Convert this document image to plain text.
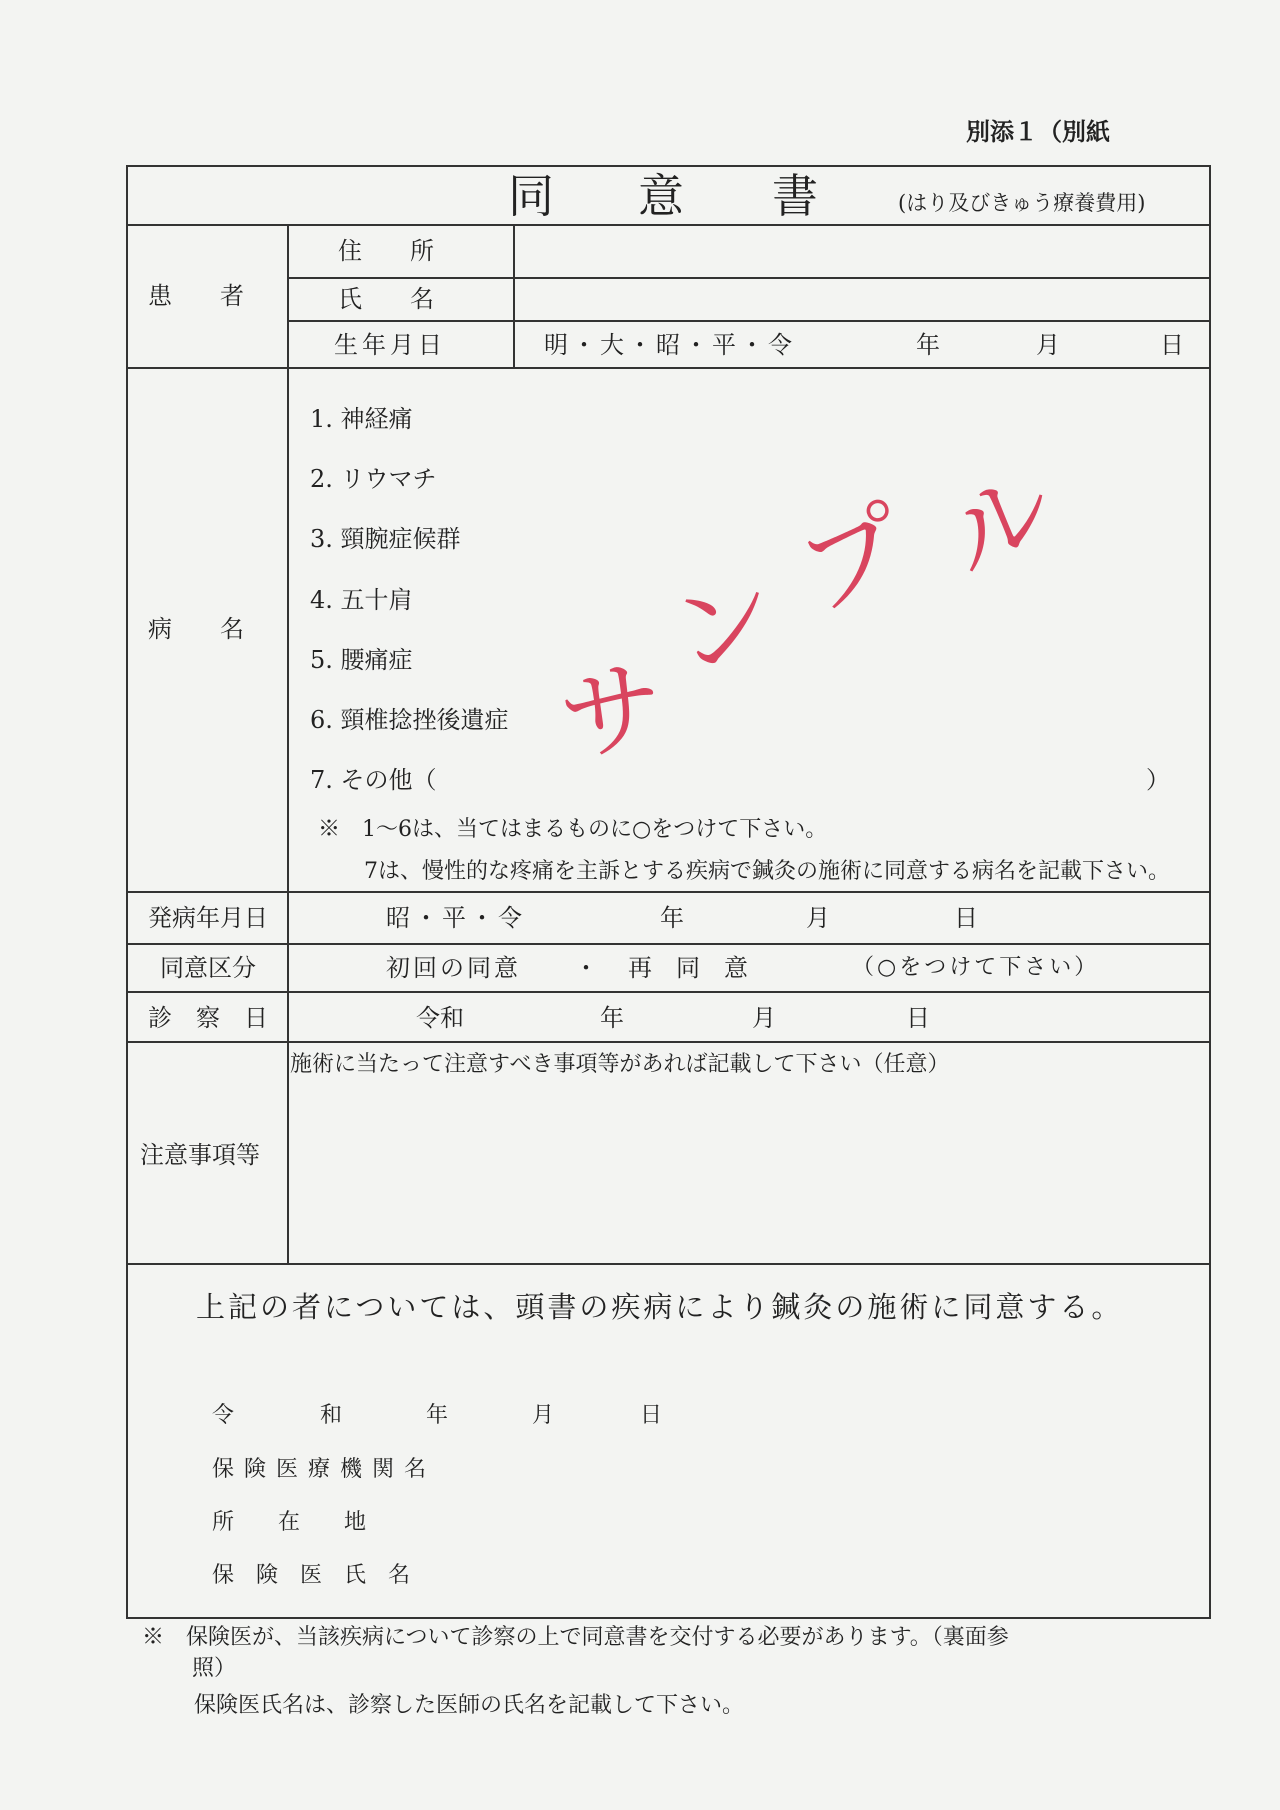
別添１（別紙
同 意 書	(はり及びきゅう療養費用)
患　　者
住　　所
氏　　名
生年月日	明・大・昭・平・令	年	月	日
病　　名
1. 神経痛
2. リウマチ
3. 頸腕症候群
4. 五十肩
5. 腰痛症
6. 頸椎捻挫後遺症
7. その他（	）
※　1～6は、当てはまるものに○をつけて下さい。
7は、慢性的な疼痛を主訴とする疾病で鍼灸の施術に同意する病名を記載下さい。
サ
ン
プ ル
発病年月日	昭・平・令	年	月	日
同意区分	初回の同意 ・ 再　同　意	（○をつけて下さい）
診　察　日	令和	年	月	日
注意事項等
施術に当たって注意すべき事項等があれば記載して下さい（任意）
上記の者については、頭書の疾病により鍼灸の施術に同意する。
令	和	年	月	日
保険医療機関名
所　　在　　地
保　険　医　氏　名
※　保険医が、当該疾病について診察の上で同意書を交付する必要があります。（裏面参
照）
保険医氏名は、診察した医師の氏名を記載して下さい。
